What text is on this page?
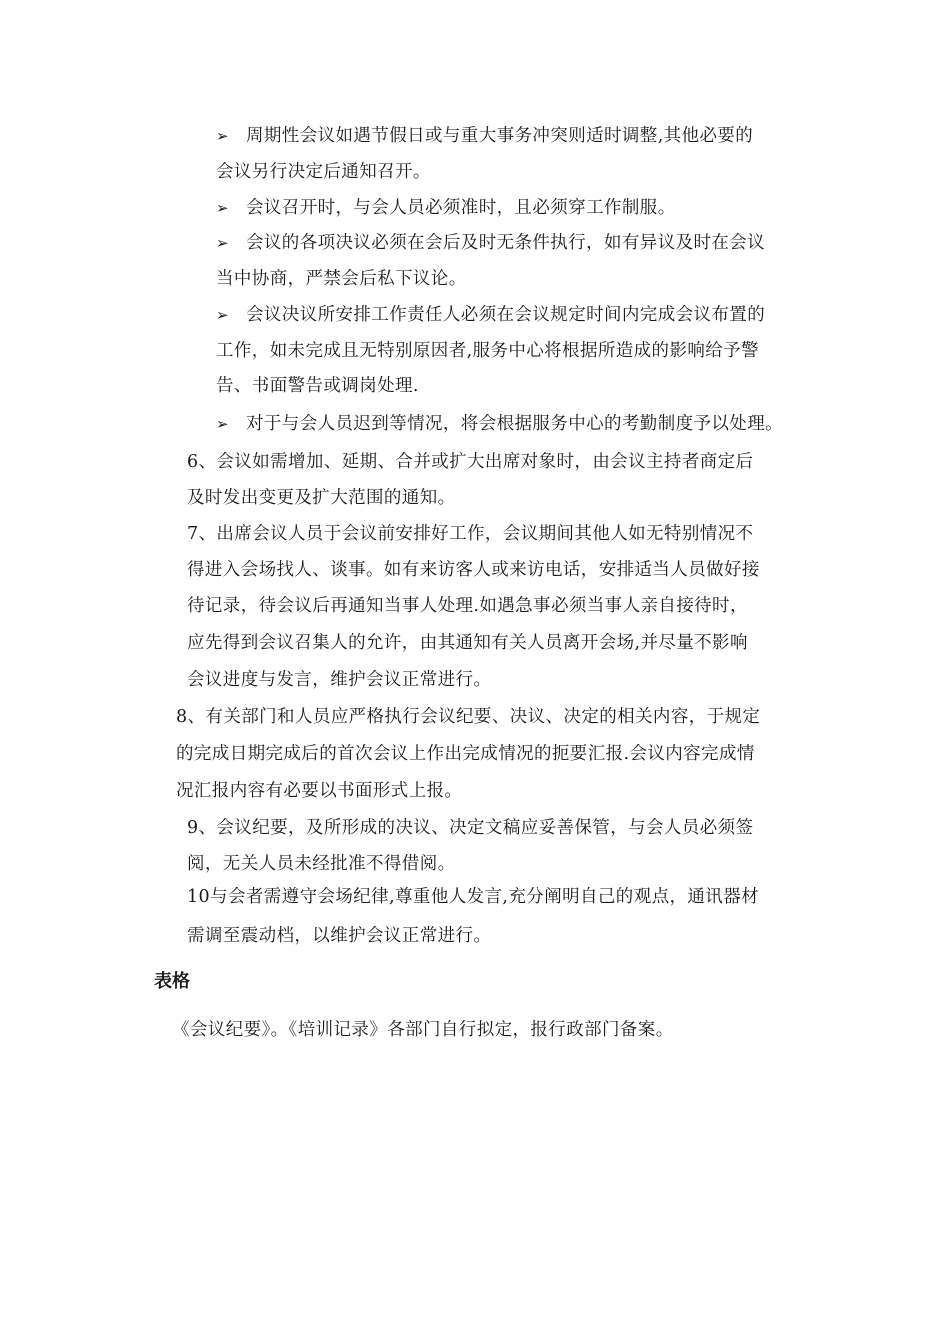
➢ 周期性会议如遇节假日或与重大事务冲突则适时调整,其他必要的
会议另行决定后通知召开。
➢ 会议召开时，与会人员必须准时，且必须穿工作制服。
➢ 会议的各项决议必须在会后及时无条件执行，如有异议及时在会议
当中协商，严禁会后私下议论。
➢ 会议决议所安排工作责任人必须在会议规定时间内完成会议布置的
工作，如未完成且无特别原因者,服务中心将根据所造成的影响给予警
告、书面警告或调岗处理.
➢ 对于与会人员迟到等情况，将会根据服务中心的考勤制度予以处理。
6、会议如需增加、延期、合并或扩大出席对象时，由会议主持者商定后
及时发出变更及扩大范围的通知。
7、出席会议人员于会议前安排好工作，会议期间其他人如无特别情况不
得进入会场找人、谈事。如有来访客人或来访电话，安排适当人员做好接
待记录，待会议后再通知当事人处理.如遇急事必须当事人亲自接待时，
应先得到会议召集人的允许，由其通知有关人员离开会场,并尽量不影响
会议进度与发言，维护会议正常进行。
8、有关部门和人员应严格执行会议纪要、决议、决定的相关内容，于规定
的完成日期完成后的首次会议上作出完成情况的扼要汇报.会议内容完成情
况汇报内容有必要以书面形式上报。
9、会议纪要，及所形成的决议、决定文稿应妥善保管，与会人员必须签
阅，无关人员未经批准不得借阅。
10与会者需遵守会场纪律,尊重他人发言,充分阐明自己的观点，通讯器材
需调至震动档，以维护会议正常进行。
表格
《会议纪要》。《培训记录》各部门自行拟定，报行政部门备案。
